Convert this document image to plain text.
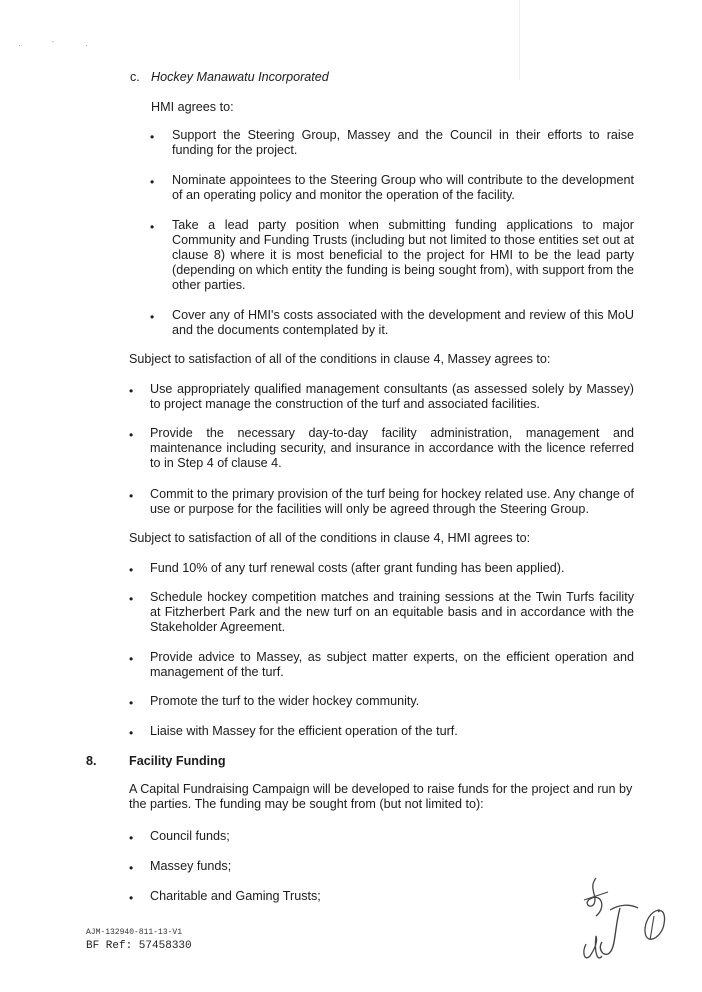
· ´ ·
c. Hockey Manawatu Incorporated
HMI agrees to:
• Support the Steering Group, Massey and the Council in their efforts to raise funding for the project.

• Nominate appointees to the Steering Group who will contribute to the development of an operating policy and monitor the operation of the facility.

• Take a lead party position when submitting funding applications to major Community and Funding Trusts (including but not limited to those entities set out at clause 8) where it is most beneficial to the project for HMI to be the lead party (depending on which entity the funding is being sought from), with support from the other parties.

• Cover any of HMI's costs associated with the development and review of this MoU and the documents contemplated by it.

Subject to satisfaction of all of the conditions in clause 4, Massey agrees to:
• Use appropriately qualified management consultants (as assessed solely by Massey) to project manage the construction of the turf and associated facilities.

• Provide the necessary day-to-day facility administration, management and maintenance including security, and insurance in accordance with the licence referred to in Step 4 of clause 4.

• Commit to the primary provision of the turf being for hockey related use. Any change of use or purpose for the facilities will only be agreed through the Steering Group.

Subject to satisfaction of all of the conditions in clause 4, HMI agrees to:
• Fund 10% of any turf renewal costs (after grant funding has been applied).

• Schedule hockey competition matches and training sessions at the Twin Turfs facility at Fitzherbert Park and the new turf on an equitable basis and in accordance with the Stakeholder Agreement.

• Provide advice to Massey, as subject matter experts, on the efficient operation and management of the turf.

• Promote the turf to the wider hockey community.

• Liaise with Massey for the efficient operation of the turf.

8.	Facility Funding

A Capital Fundraising Campaign will be developed to raise funds for the project and run by the parties. The funding may be sought from (but not limited to):

• Council funds;
• Massey funds;
• Charitable and Gaming Trusts;
AJM-132940-811-13-V1
BF Ref: 57458330
